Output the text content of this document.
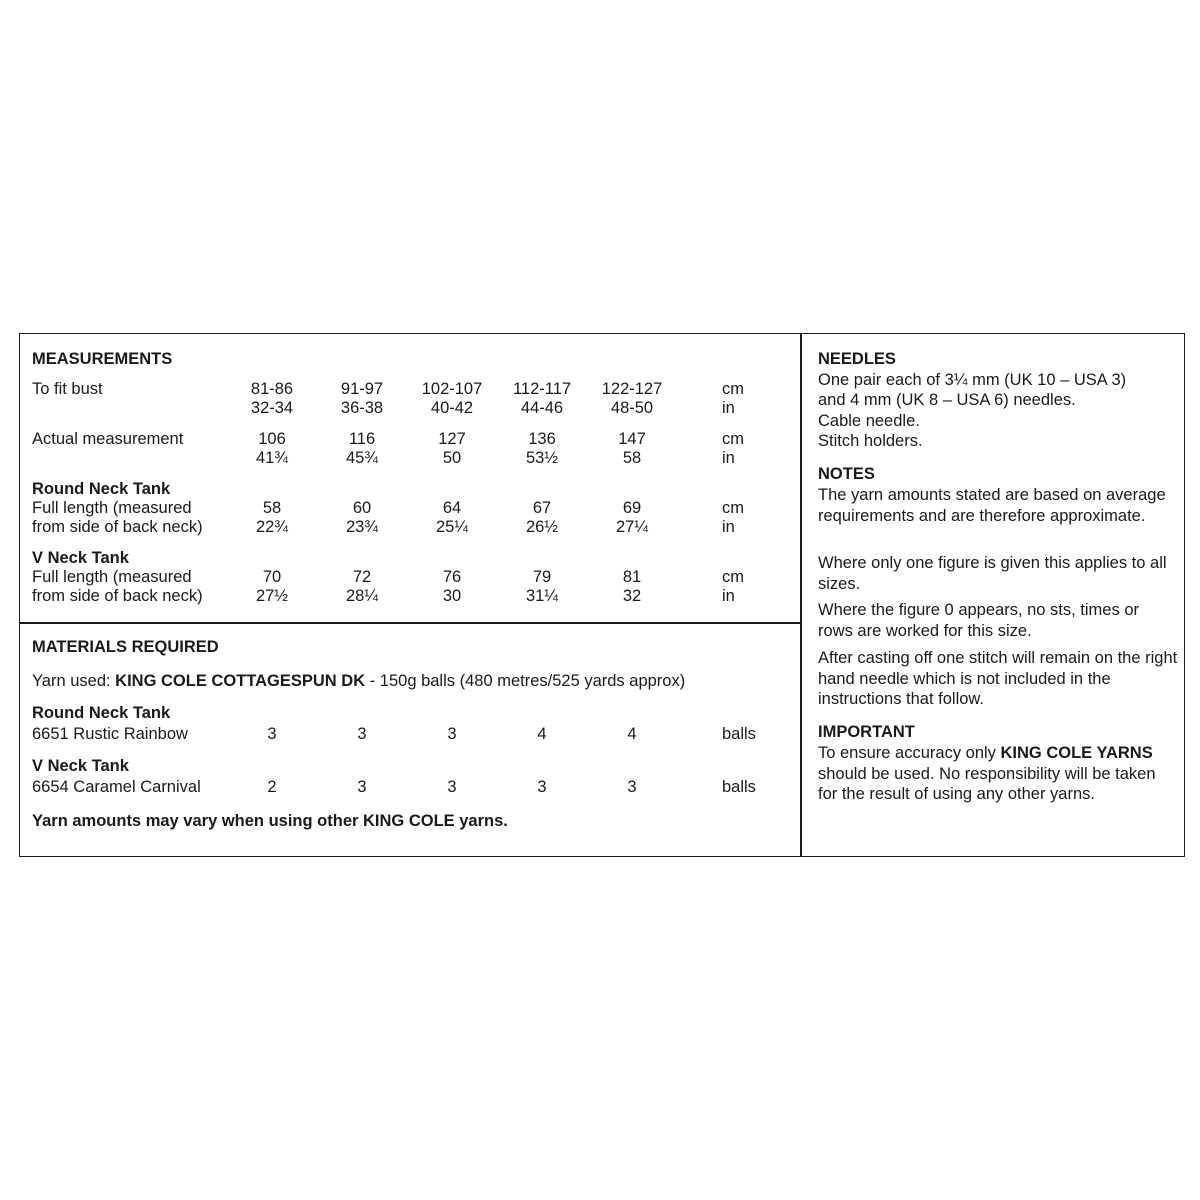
MEASUREMENTS
To fit bust	81-86	91-97	102-107	112-117	122-127	cm
32-34	36-38	40-42	44-46	48-50	in
Actual measurement	106	116	127	136	147	cm
41¾	45¾	50	53½	58	in
Round Neck Tank
Full length (measured
from side of back neck)
58	60	64	67	69	cm
22¾	23¾	25¼	26½	27¼	in
V Neck Tank
Full length (measured
from side of back neck)
70	72	76	79	81	cm
27½	28¼	30	31¼	32	in
MATERIALS REQUIRED
Yarn used: KING COLE COTTAGESPUN DK - 150g balls (480 metres/525 yards approx)
Round Neck Tank
6651 Rustic Rainbow	3	3	3	4	4	balls
V Neck Tank
6654 Caramel Carnival	2	3	3	3	3	balls
Yarn amounts may vary when using other KING COLE yarns.
NEEDLES
One pair each of 3¼ mm (UK 10 – USA 3)
and 4 mm (UK 8 – USA 6) needles.
Cable needle.
Stitch holders.
NOTES
The yarn amounts stated are based on average requirements and are therefore approximate.
Where only one figure is given this applies to all sizes.
Where the figure 0 appears, no sts, times or rows are worked for this size.
After casting off one stitch will remain on the right hand needle which is not included in the instructions that follow.
IMPORTANT
To ensure accuracy only KING COLE YARNS should be used. No responsibility will be taken for the result of using any other yarns.
